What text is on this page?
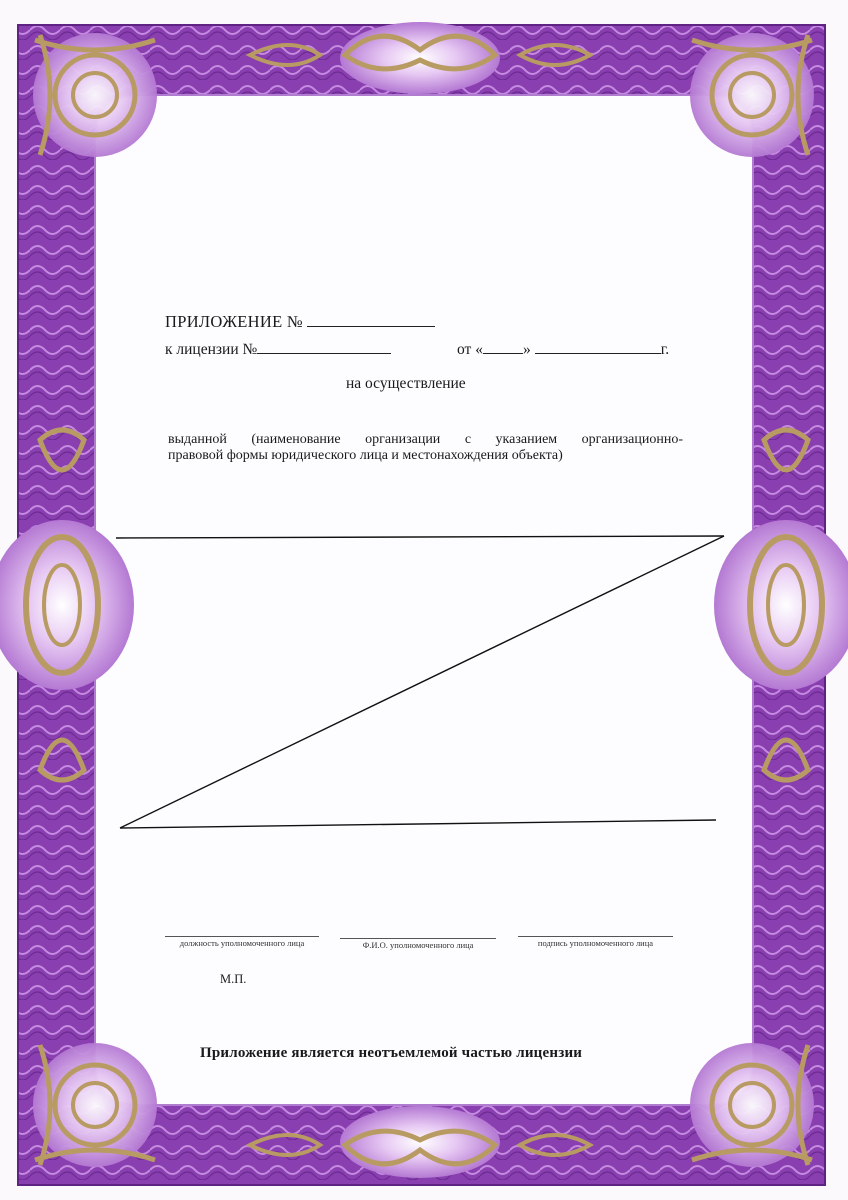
ПРИЛОЖЕНИЕ №
к лицензии №	от «	»	г.
на осуществление
выданной (наименование организации с указанием организационно-
правовой формы юридического лица и местонахождения объекта)
должность уполномоченного лица	Ф.И.О. уполномоченного лица	подпись уполномоченного лица
М.П.
Приложение является неотъемлемой частью лицензии
